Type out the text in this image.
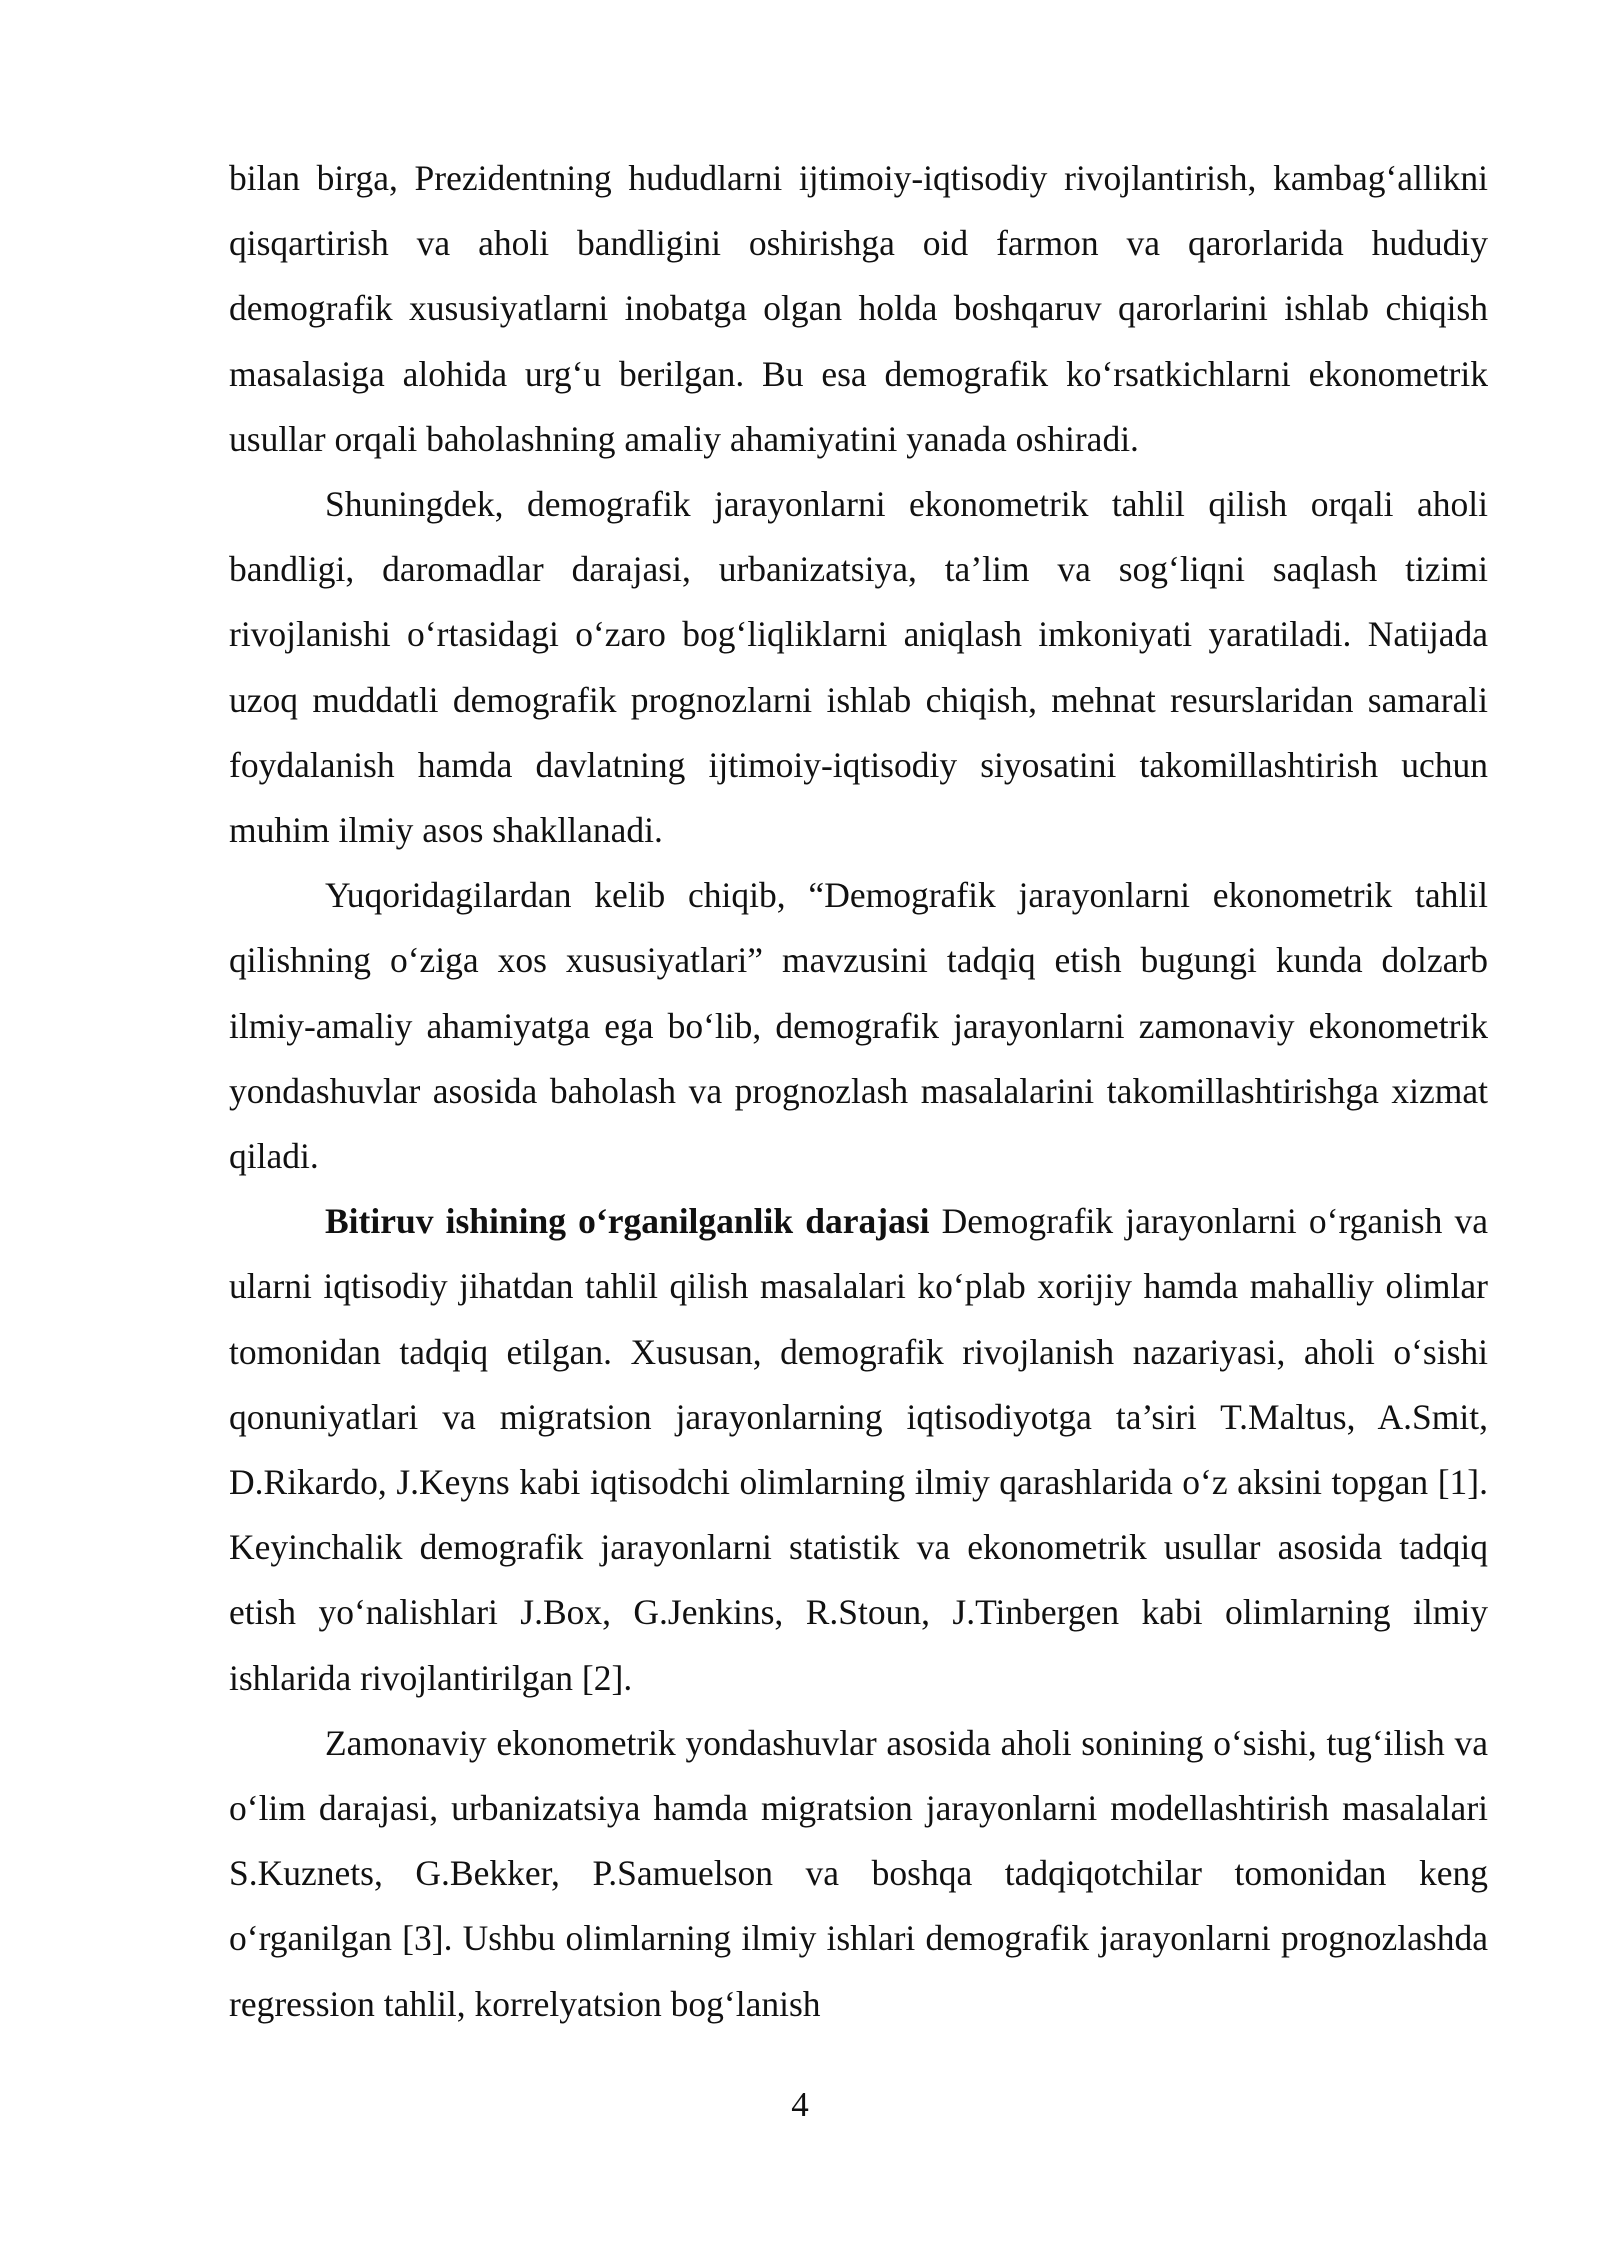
bilan birga, Prezidentning hududlarni ijtimoiy-iqtisodiy rivojlantirish, kambag‘allikni qisqartirish va aholi bandligini oshirishga oid farmon va qarorlarida hududiy demografik xususiyatlarni inobatga olgan holda boshqaruv qarorlarini ishlab chiqish masalasiga alohida urg‘u berilgan. Bu esa demografik ko‘rsatkichlarni ekonometrik usullar orqali baholashning amaliy ahamiyatini yanada oshiradi.

Shuningdek, demografik jarayonlarni ekonometrik tahlil qilish orqali aholi bandligi, daromadlar darajasi, urbanizatsiya, ta’lim va sog‘liqni saqlash tizimi rivojlanishi o‘rtasidagi o‘zaro bog‘liqliklarni aniqlash imkoniyati yaratiladi. Natijada uzoq muddatli demografik prognozlarni ishlab chiqish, mehnat resurslaridan samarali foydalanish hamda davlatning ijtimoiy-iqtisodiy siyosatini takomillashtirish uchun muhim ilmiy asos shakllanadi.

Yuqoridagilardan kelib chiqib, “Demografik jarayonlarni ekonometrik tahlil qilishning o‘ziga xos xususiyatlari” mavzusini tadqiq etish bugungi kunda dolzarb ilmiy-amaliy ahamiyatga ega bo‘lib, demografik jarayonlarni zamonaviy ekonometrik yondashuvlar asosida baholash va prognozlash masalalarini takomillashtirishga xizmat qiladi.

Bitiruv ishining o‘rganilganlik darajasi Demografik jarayonlarni o‘rganish va ularni iqtisodiy jihatdan tahlil qilish masalalari ko‘plab xorijiy hamda mahalliy olimlar tomonidan tadqiq etilgan. Xususan, demografik rivojlanish nazariyasi, aholi o‘sishi qonuniyatlari va migratsion jarayonlarning iqtisodiyotga ta’siri T.Maltus, A.Smit, D.Rikardo, J.Keyns kabi iqtisodchi olimlarning ilmiy qarashlarida o‘z aksini topgan [1]. Keyinchalik demografik jarayonlarni statistik va ekonometrik usullar asosida tadqiq etish yo‘nalishlari J.Box, G.Jenkins, R.Stoun, J.Tinbergen kabi olimlarning ilmiy ishlarida rivojlantirilgan [2].

Zamonaviy ekonometrik yondashuvlar asosida aholi sonining o‘sishi, tug‘ilish va o‘lim darajasi, urbanizatsiya hamda migratsion jarayonlarni modellashtirish masalalari S.Kuznets, G.Bekker, P.Samuelson va boshqa tadqiqotchilar tomonidan keng o‘rganilgan [3]. Ushbu olimlarning ilmiy ishlari demografik jarayonlarni prognozlashda regression tahlil, korrelyatsion bog‘lanish

4
